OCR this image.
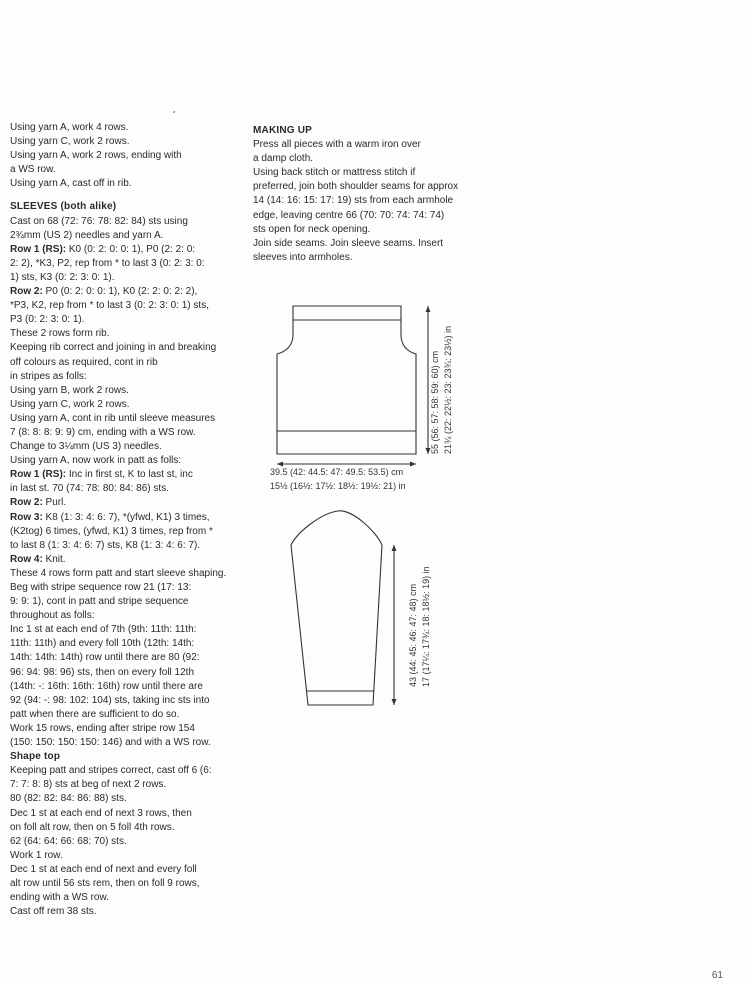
ˊ
Using yarn A, work 4 rows.
Using yarn C, work 2 rows.
Using yarn A, work 2 rows, ending with
a WS row.
Using yarn A, cast off in rib.
SLEEVES (both alike)
Cast on 68 (72: 76: 78: 82: 84) sts using
2¾mm (US 2) needles and yarn A.
Row 1 (RS): K0 (0: 2: 0: 0: 1), P0 (2: 2: 0:
2: 2), *K3, P2, rep from * to last 3 (0: 2: 3: 0:
1) sts, K3 (0: 2: 3: 0: 1).
Row 2: P0 (0: 2: 0: 0: 1), K0 (2: 2: 0: 2: 2),
*P3, K2, rep from * to last 3 (0: 2: 3: 0: 1) sts,
P3 (0: 2: 3: 0: 1).
These 2 rows form rib.
Keeping rib correct and joining in and breaking
off colours as required, cont in rib
in stripes as folls:
Using yarn B, work 2 rows.
Using yarn C, work 2 rows.
Using yarn A, cont in rib until sleeve measures
7 (8: 8: 8: 9: 9) cm, ending with a WS row.
Change to 3¼mm (US 3) needles.
Using yarn A, now work in patt as folls:
Row 1 (RS): Inc in first st, K to last st, inc
in last st. 70 (74: 78: 80: 84: 86) sts.
Row 2: Purl.
Row 3: K8 (1: 3: 4: 6: 7), *(yfwd, K1) 3 times,
(K2tog) 6 times, (yfwd, K1) 3 times, rep from *
to last 8 (1: 3: 4: 6: 7) sts, K8 (1: 3: 4: 6: 7).
Row 4: Knit.
These 4 rows form patt and start sleeve shaping.
Beg with stripe sequence row 21 (17: 13:
9: 9: 1), cont in patt and stripe sequence
throughout as folls:
Inc 1 st at each end of 7th (9th: 11th: 11th:
11th: 11th) and every foll 10th (12th: 14th:
14th: 14th: 14th) row until there are 80 (92:
96: 94: 98: 96) sts, then on every foll 12th
(14th: -: 16th: 16th: 16th) row until there are
92 (94: -: 98: 102: 104) sts, taking inc sts into
patt when there are sufficient to do so.
Work 15 rows, ending after stripe row 154
(150: 150: 150: 150: 146) and with a WS row.
Shape top
Keeping patt and stripes correct, cast off 6 (6:
7: 7: 8: 8) sts at beg of next 2 rows.
80 (82: 82: 84: 86: 88) sts.
Dec 1 st at each end of next 3 rows, then
on foll alt row, then on 5 foll 4th rows.
62 (64: 64: 66: 68: 70) sts.
Work 1 row.
Dec 1 st at each end of next and every foll
alt row until 56 sts rem, then on foll 9 rows,
ending with a WS row.
Cast off rem 38 sts.
MAKING UP
Press all pieces with a warm iron over
a damp cloth.
Using back stitch or mattress stitch if
preferred, join both shoulder seams for approx
14 (14: 16: 15: 17: 19) sts from each armhole
edge, leaving centre 66 (70: 70: 74: 74: 74)
sts open for neck opening.
Join side seams. Join sleeve seams. Insert
sleeves into armholes.
39.5 (42: 44.5: 47: 49.5: 53.5) cm
15½ (16½: 17½: 18½: 19½: 21) in
55 (56: 57: 58: 59: 60) cm 21¾ (22: 22½: 23: 23¾: 23½) in
43 (44: 45: 46: 47: 48) cm 17 (17¼: 17¾: 18: 18½: 19) in
61
